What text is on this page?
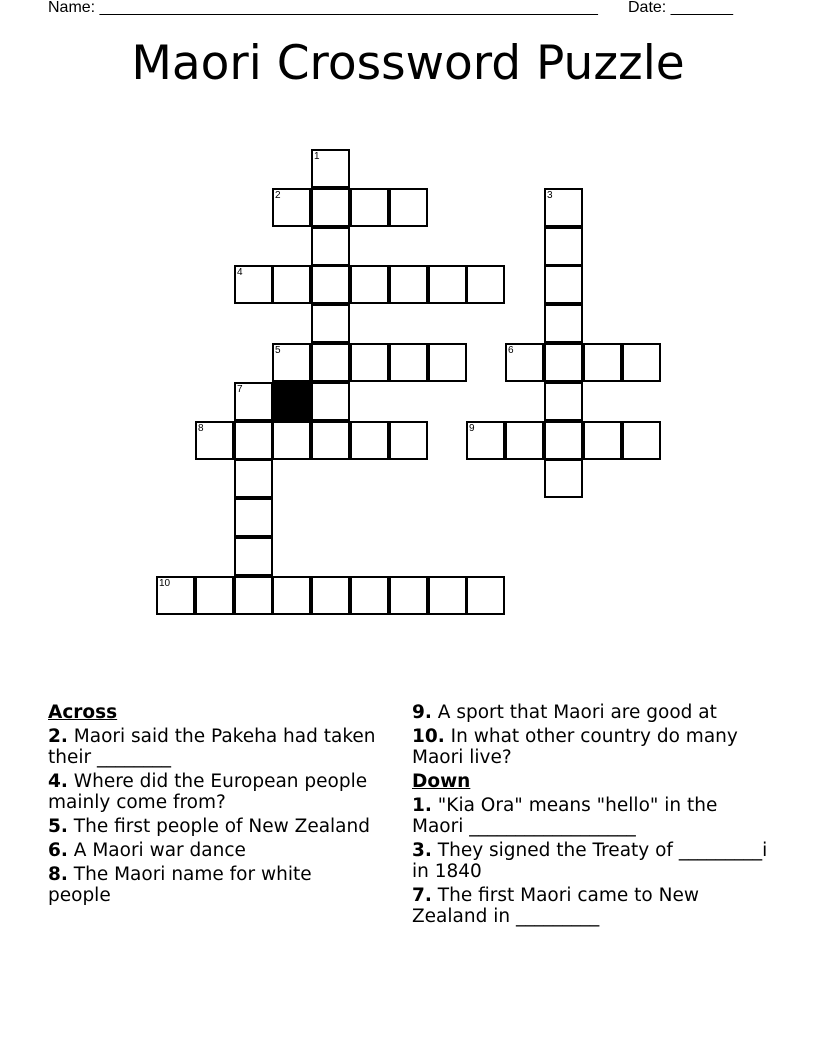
Name: ________________________________________________________ Date: _______
Maori Crossword Puzzle
1
2	3
4
5	6
7
8	9
10
Across
2. Maori said the Pakeha had taken their ________
4. Where did the European people mainly come from?
5. The first people of New Zealand
6. A Maori war dance
8. The Maori name for white people
9. A sport that Maori are good at
10. In what other country do many Maori live?
Down
1. "Kia Ora" means "hello" in the Maori __________________
3. They signed the Treaty of _________i in 1840
7. The first Maori came to New Zealand in _________
